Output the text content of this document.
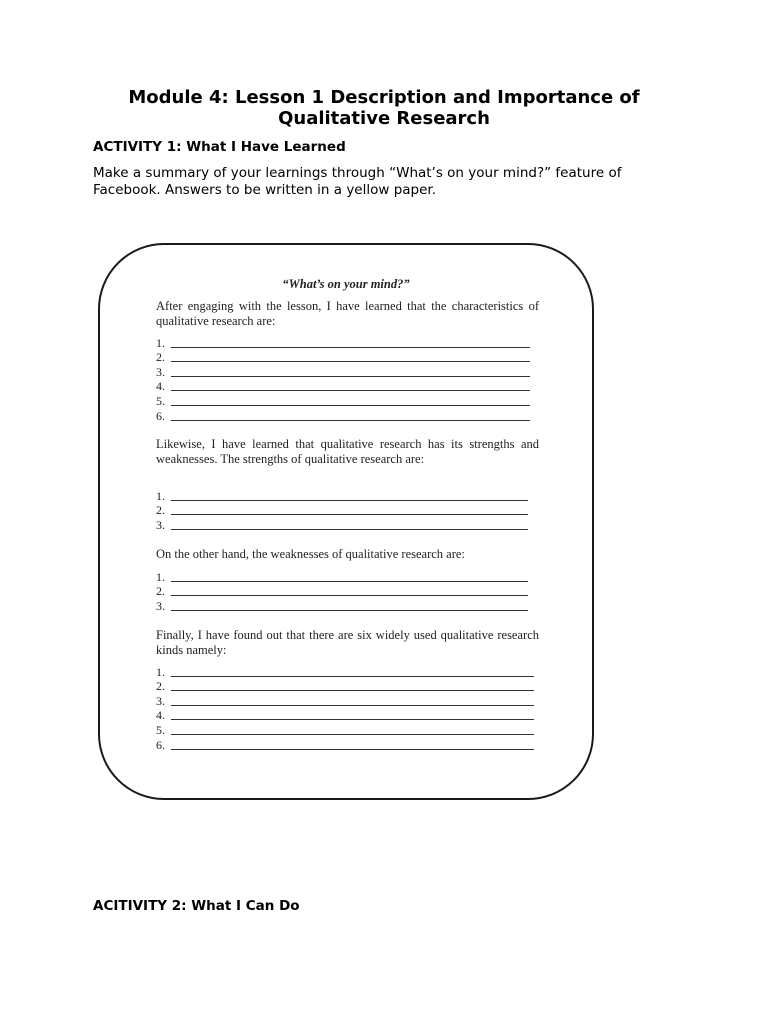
Module 4: Lesson 1 Description and Importance of
Qualitative Research
ACTIVITY 1: What I Have Learned
Make a summary of your learnings through “What’s on your mind?” feature of Facebook. Answers to be written in a yellow paper.
“What’s on your mind?”
After engaging with the lesson, I have learned that the characteristics of qualitative research are:
1.
2.
3.
4.
5.
6.
Likewise, I have learned that qualitative research has its strengths and weaknesses. The strengths of qualitative research are:
1.
2.
3.
On the other hand, the weaknesses of qualitative research are:
1.
2.
3.
Finally, I have found out that there are six widely used qualitative research kinds namely:
1.
2.
3.
4.
5.
6.
ACITIVITY 2: What I Can Do
